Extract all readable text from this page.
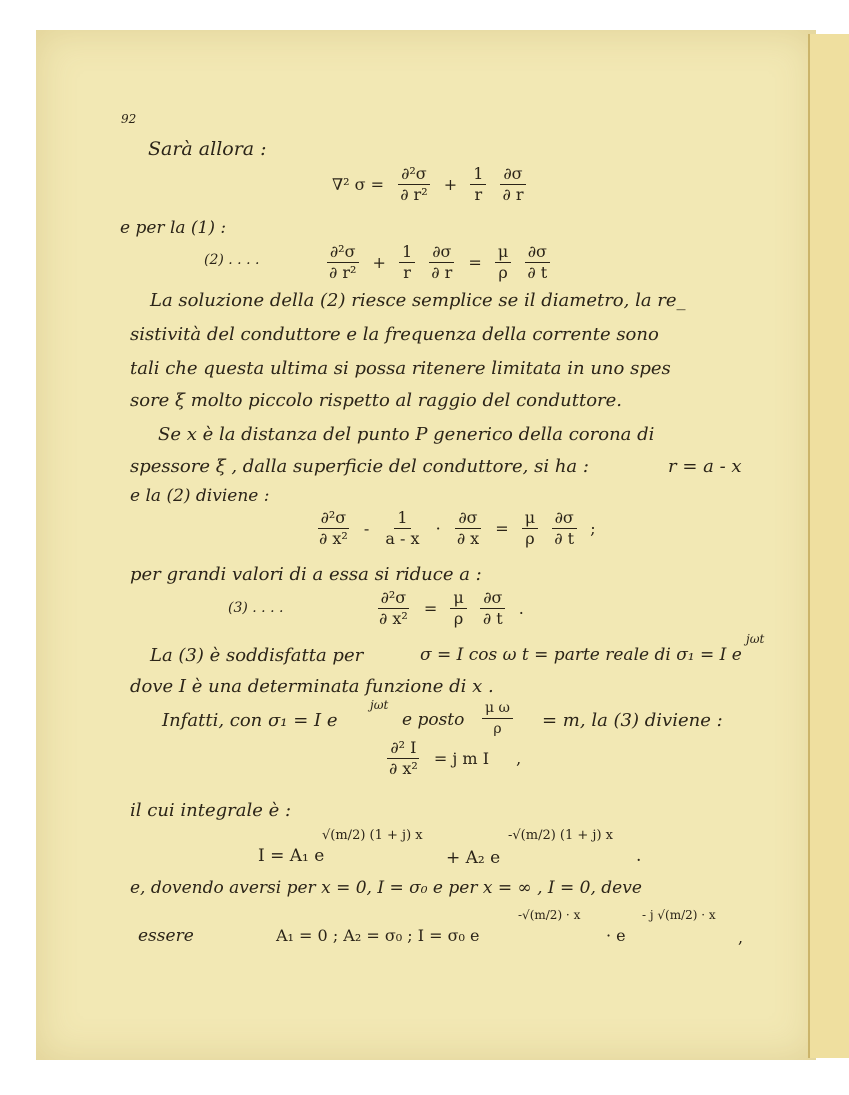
92
Sarà allora :
∇² $\sigma = \frac{\text{∂²σ}}{\text{∂ r²}} + \frac{1}{r}$
$\frac{\partial\sigma}{\partial r}$
e per la (1) :
(2) . . . .	$\frac{\text{∂²σ}}{\text{∂ r²}} + \frac{1}{r}$
$\frac{\partial\sigma}{\partial r} = \frac{\mu}{\rho}$
$\frac{\partial\sigma}{\partial t}$
La soluzione della (2) riesce semplice se il diametro, la re_
sistività del conduttore e la frequenza della corrente sono
tali che questa ultima si possa ritenere limitata in uno spes
sore ξ molto piccolo rispetto al raggio del conduttore.
Se x è la distanza del punto P generico della corona di
spessore ξ , dalla superficie del conduttore, si ha :	r = a - x
e la (2) diviene :
$\frac{\text{∂²σ}}{\text{∂ x²}} - \frac{1}{a - x} \cdot \frac{\partial\sigma}{\partial x} = \frac{\mu}{\rho}$
$\frac{\partial\sigma}{\partial t}$ ;
per grandi valori di a essa si riduce a :
(3) . . . .	$\frac{\text{∂²σ}}{\text{∂ x²}} = \frac{\mu}{\rho}$
$\frac{\partial\sigma}{\partial t}$ .
La (3) è soddisfatta per	σ = I cos ω t = parte reale di σ₁ = I e
jωt
dove I è una determinata funzione di x .
Infatti, con σ₁ = I e
jωt
e posto $\frac{\text{μ ω}}{\rho} = m$, la (3) diviene :
$\frac{\text{∂² I}}{\text{∂ x²}} = j$ m I ,
il cui integrale è :
I = A₁ e
√(m/2) (1 + j) x
+ A₂ e
-√(m/2) (1 + j) x
.
e, dovendo aversi per x = 0, I = σ₀ e per x = ∞ , I = 0, deve
essere	A₁ = 0 ; A₂ = σ₀ ; I = σ₀ e
-√(m/2) · x
· e
- j √(m/2) · x
,
